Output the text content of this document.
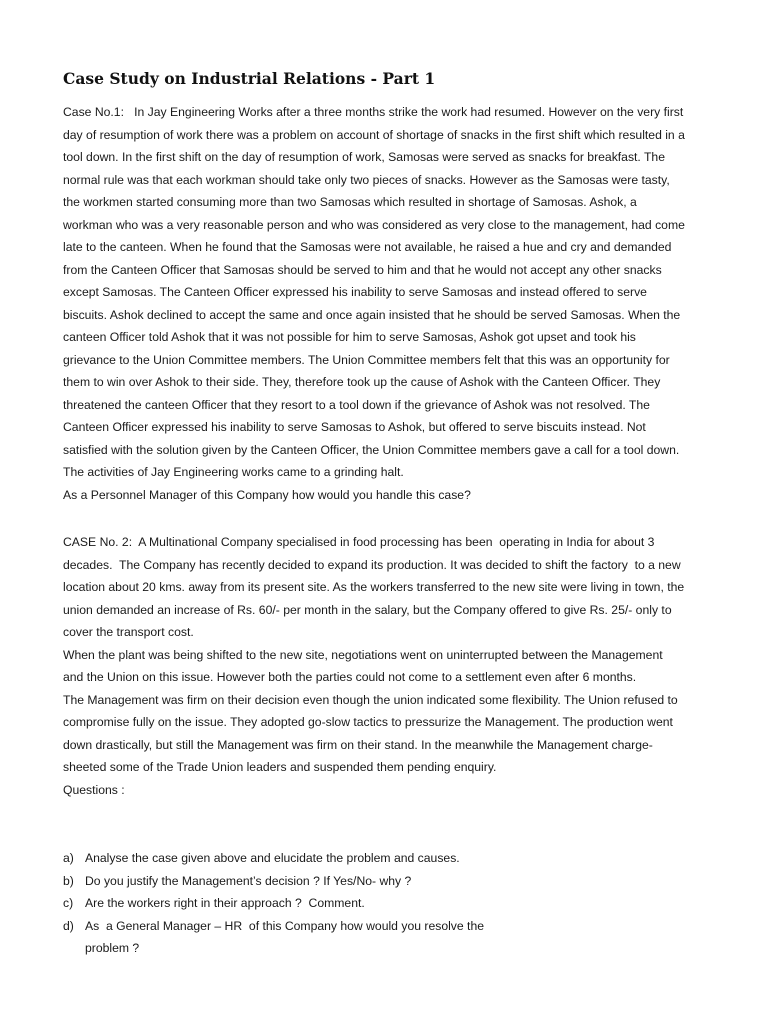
Case Study on Industrial Relations - Part 1
Case No.1:   In Jay Engineering Works after a three months strike the work had resumed. However on the very first
day of resumption of work there was a problem on account of shortage of snacks in the first shift which resulted in a
tool down. In the first shift on the day of resumption of work, Samosas were served as snacks for breakfast. The
normal rule was that each workman should take only two pieces of snacks. However as the Samosas were tasty,
the workmen started consuming more than two Samosas which resulted in shortage of Samosas. Ashok, a
workman who was a very reasonable person and who was considered as very close to the management, had come
late to the canteen. When he found that the Samosas were not available, he raised a hue and cry and demanded
from the Canteen Officer that Samosas should be served to him and that he would not accept any other snacks
except Samosas. The Canteen Officer expressed his inability to serve Samosas and instead offered to serve
biscuits. Ashok declined to accept the same and once again insisted that he should be served Samosas. When the
canteen Officer told Ashok that it was not possible for him to serve Samosas, Ashok got upset and took his
grievance to the Union Committee members. The Union Committee members felt that this was an opportunity for
them to win over Ashok to their side. They, therefore took up the cause of Ashok with the Canteen Officer. They
threatened the canteen Officer that they resort to a tool down if the grievance of Ashok was not resolved. The
Canteen Officer expressed his inability to serve Samosas to Ashok, but offered to serve biscuits instead. Not
satisfied with the solution given by the Canteen Officer, the Union Committee members gave a call for a tool down.
The activities of Jay Engineering works came to a grinding halt.
As a Personnel Manager of this Company how would you handle this case?
CASE No. 2:  A Multinational Company specialised in food processing has been  operating in India for about 3
decades.  The Company has recently decided to expand its production. It was decided to shift the factory  to a new
location about 20 kms. away from its present site. As the workers transferred to the new site were living in town, the
union demanded an increase of Rs. 60/- per month in the salary, but the Company offered to give Rs. 25/- only to
cover the transport cost.
When the plant was being shifted to the new site, negotiations went on uninterrupted between the Management
and the Union on this issue. However both the parties could not come to a settlement even after 6 months.
The Management was firm on their decision even though the union indicated some flexibility. The Union refused to
compromise fully on the issue. They adopted go-slow tactics to pressurize the Management. The production went
down drastically, but still the Management was firm on their stand. In the meanwhile the Management charge-
sheeted some of the Trade Union leaders and suspended them pending enquiry.
Questions :
a) Analyse the case given above and elucidate the problem and causes.
b) Do you justify the Management’s decision ? If Yes/No- why ?
c) Are the workers right in their approach ?  Comment.
d) As  a General Manager – HR  of this Company how would you resolve the
problem ?
